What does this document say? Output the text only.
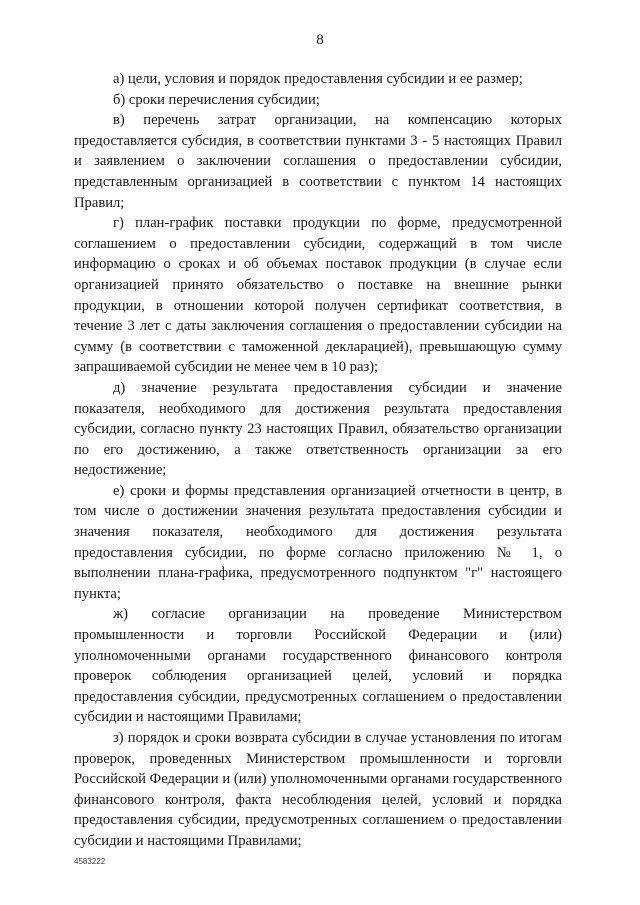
8

а) цели, условия и порядок предоставления субсидии и ее размер;

б) сроки перечисления субсидии;

в) перечень затрат организации, на компенсацию которых предоставляется субсидия, в соответствии пунктами 3 - 5 настоящих Правил и заявлением о заключении соглашения о предоставлении субсидии, представленным организацией в соответствии с пунктом 14 настоящих Правил;

г) план-график поставки продукции по форме, предусмотренной соглашением о предоставлении субсидии, содержащий в том числе информацию о сроках и об объемах поставок продукции (в случае если организацией принято обязательство о поставке на внешние рынки продукции, в отношении которой получен сертификат соответствия, в течение 3 лет с даты заключения соглашения о предоставлении субсидии на сумму (в соответствии с таможенной декларацией), превышающую сумму запрашиваемой субсидии не менее чем в 10 раз);

д) значение результата предоставления субсидии и значение показателя, необходимого для достижения результата предоставления субсидии, согласно пункту 23 настоящих Правил, обязательство организации по его достижению, а также ответственность организации за его недостижение;

е) сроки и формы представления организацией отчетности в центр, в том числе о достижении значения результата предоставления субсидии и значения показателя, необходимого для достижения результата предоставления субсидии, по форме согласно приложению № 1, о выполнении плана-графика, предусмотренного подпунктом "г" настоящего пункта;

ж) согласие организации на проведение Министерством промышленности и торговли Российской Федерации и (или) уполномоченными органами государственного финансового контроля проверок соблюдения организацией целей, условий и порядка предоставления субсидии, предусмотренных соглашением о предоставлении субсидии и настоящими Правилами;

з) порядок и сроки возврата субсидии в случае установления по итогам проверок, проведенных Министерством промышленности и торговли Российской Федерации и (или) уполномоченными органами государственного финансового контроля, факта несоблюдения целей, условий и порядка предоставления субсидии, предусмотренных соглашением о предоставлении субсидии и настоящими Правилами;

4583222
